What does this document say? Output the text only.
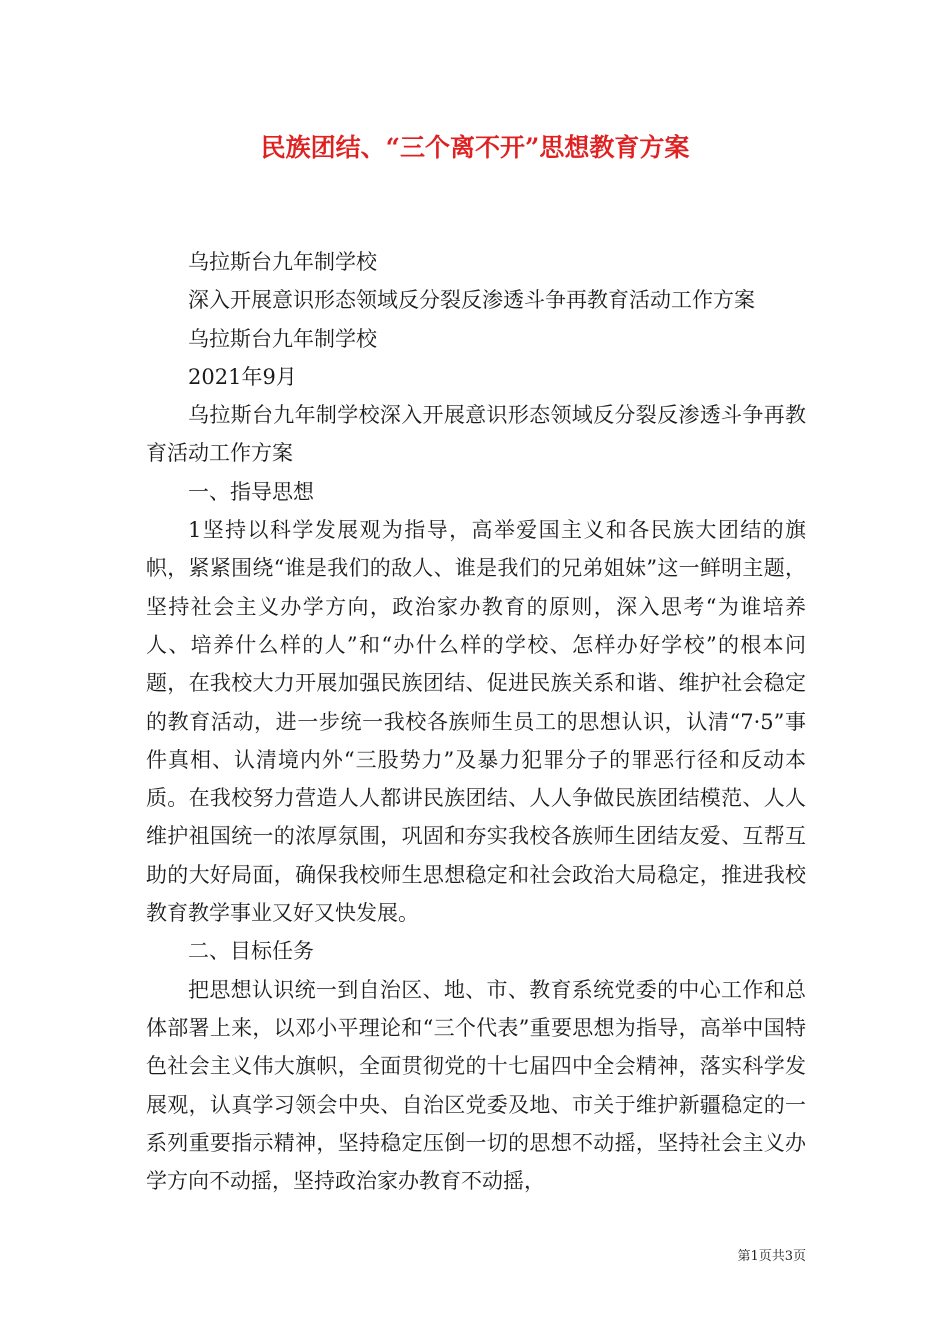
民族团结、“三个离不开”思想教育方案

乌拉斯台九年制学校

深入开展意识形态领域反分裂反渗透斗争再教育活动工作方案

乌拉斯台九年制学校

2021年9月

乌拉斯台九年制学校深入开展意识形态领域反分裂反渗透斗争再教育活动工作方案

一、指导思想

1坚持以科学发展观为指导，高举爱国主义和各民族大团结的旗帜，紧紧围绕“谁是我们的敌人、谁是我们的兄弟姐妹”这一鲜明主题，坚持社会主义办学方向，政治家办教育的原则，深入思考“为谁培养人、培养什么样的人”和“办什么样的学校、怎样办好学校”的根本问题，在我校大力开展加强民族团结、促进民族关系和谐、维护社会稳定的教育活动，进一步统一我校各族师生员工的思想认识，认清“7·5”事件真相、认清境内外“三股势力”及暴力犯罪分子的罪恶行径和反动本质。在我校努力营造人人都讲民族团结、人人争做民族团结模范、人人维护祖国统一的浓厚氛围，巩固和夯实我校各族师生团结友爱、互帮互助的大好局面，确保我校师生思想稳定和社会政治大局稳定，推进我校教育教学事业又好又快发展。

二、目标任务

把思想认识统一到自治区、地、市、教育系统党委的中心工作和总体部署上来，以邓小平理论和“三个代表”重要思想为指导，高举中国特色社会主义伟大旗帜，全面贯彻党的十七届四中全会精神，落实科学发展观，认真学习领会中央、自治区党委及地、市关于维护新疆稳定的一系列重要指示精神，坚持稳定压倒一切的思想不动摇，坚持社会主义办学方向不动摇，坚持政治家办教育不动摇，

第1页共3页
